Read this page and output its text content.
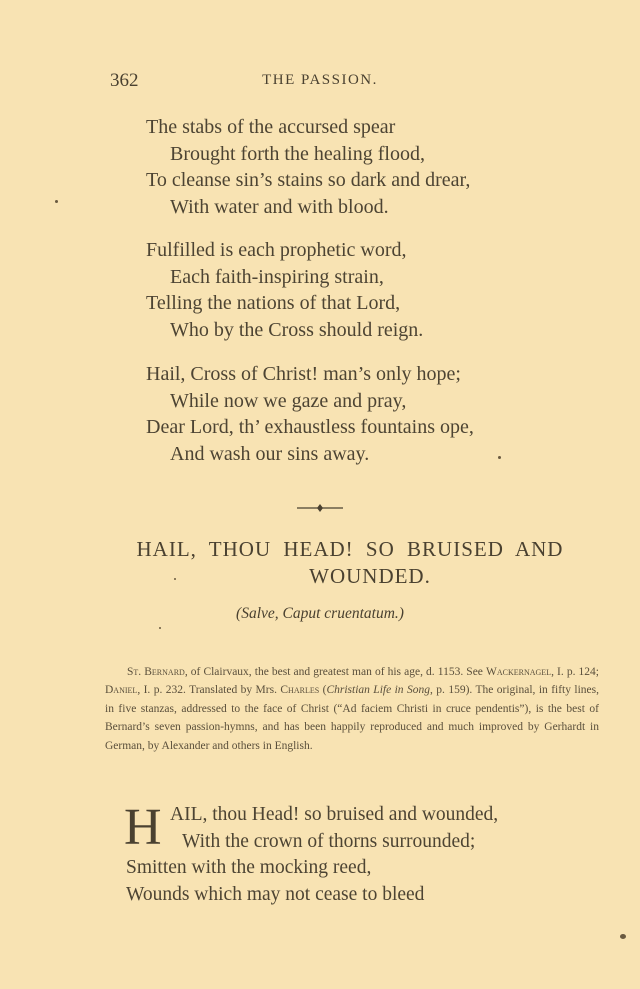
362	THE PASSION.
The stabs of the accursed spear
Brought forth the healing flood,
To cleanse sin’s stains so dark and drear,
With water and with blood.
Fulfilled is each prophetic word,
Each faith-inspiring strain,
Telling the nations of that Lord,
Who by the Cross should reign.
Hail, Cross of Christ! man’s only hope;
While now we gaze and pray,
Dear Lord, th’ exhaustless fountains ope,
And wash our sins away.
HAIL, THOU HEAD! SO BRUISED AND
WOUNDED.
(Salve, Caput cruentatum.)

St. Bernard, of Clairvaux, the best and greatest man of his age, d. 1153. See Wackernagel, I. p. 124; Daniel, I. p. 232. Translated by Mrs. Charles (Christian Life in Song, p. 159). The original, in fifty lines, in five stanzas, addressed to the face of Christ (“Ad faciem Christi in cruce pendentis”), is the best of Bernard’s seven passion-hymns, and has been happily reproduced and much improved by Gerhardt in German, by Alexander and others in English.

H AIL, thou Head! so bruised and wounded,
With the crown of thorns surrounded;
Smitten with the mocking reed,
Wounds which may not cease to bleed
